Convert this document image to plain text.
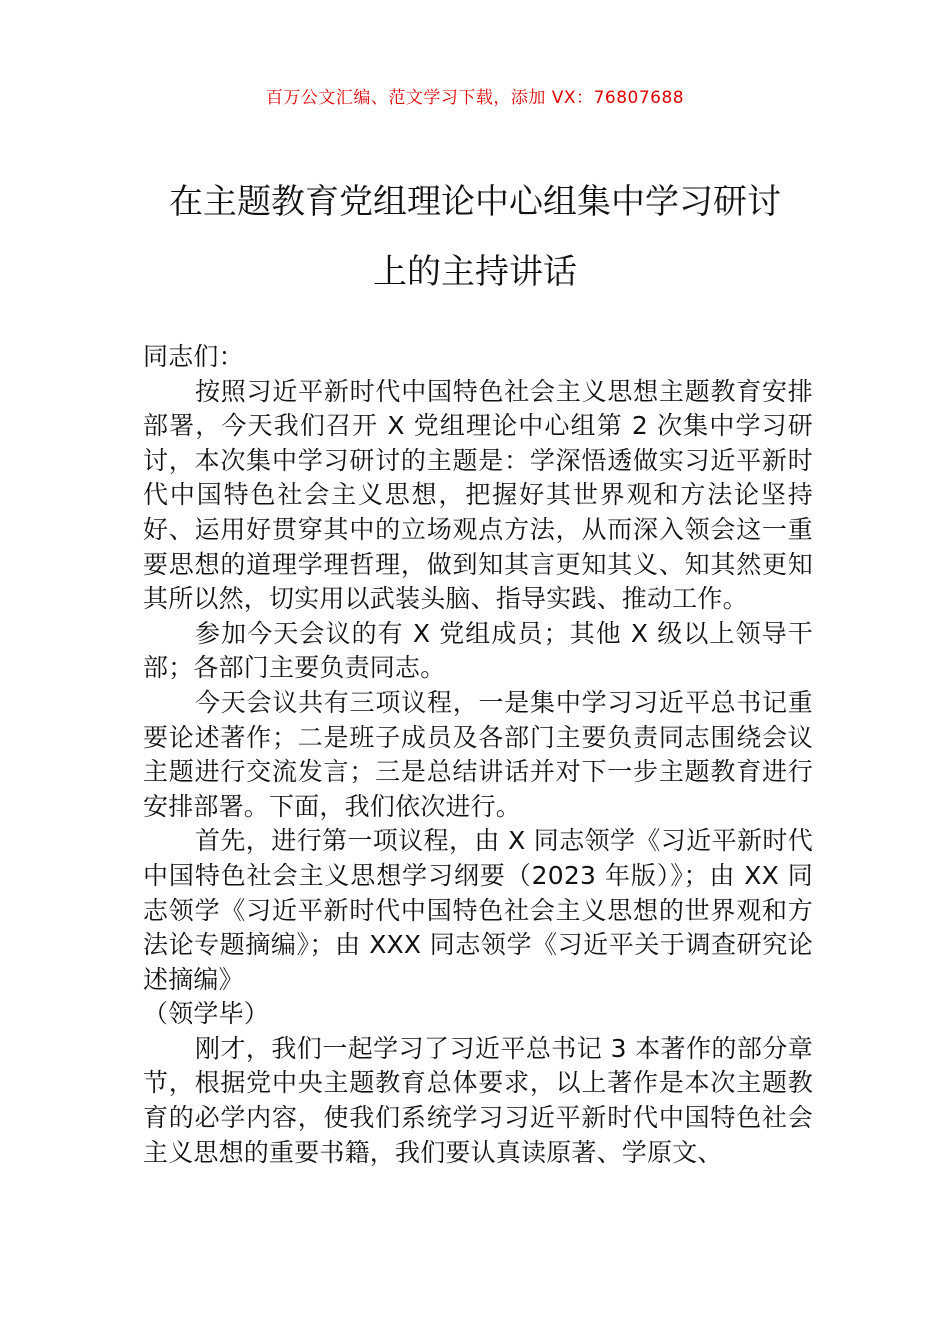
百万公文汇编、范文学习下载，添加 VX：76807688
在主题教育党组理论中心组集中学习研讨
上的主持讲话

同志们：

按照习近平新时代中国特色社会主义思想主题教育安排部署，今天我们召开 X 党组理论中心组第 2 次集中学习研讨，本次集中学习研讨的主题是：学深悟透做实习近平新时代中国特色社会主义思想，把握好其世界观和方法论坚持好、运用好贯穿其中的立场观点方法，从而深入领会这一重要思想的道理学理哲理，做到知其言更知其义、知其然更知其所以然，切实用以武装头脑、指导实践、推动工作。

参加今天会议的有 X 党组成员；其他 X 级以上领导干部；各部门主要负责同志。

今天会议共有三项议程，一是集中学习习近平总书记重要论述著作；二是班子成员及各部门主要负责同志围绕会议主题进行交流发言；三是总结讲话并对下一步主题教育进行安排部署。下面，我们依次进行。

首先，进行第一项议程，由 X 同志领学《习近平新时代中国特色社会主义思想学习纲要（2023 年版）》；由 XX 同志领学《习近平新时代中国特色社会主义思想的世界观和方法论专题摘编》；由 XXX 同志领学《习近平关于调查研究论述摘编》

（领学毕）

刚才，我们一起学习了习近平总书记 3 本著作的部分章节，根据党中央主题教育总体要求，以上著作是本次主题教育的必学内容，使我们系统学习习近平新时代中国特色社会主义思想的重要书籍，我们要认真读原著、学原文、
